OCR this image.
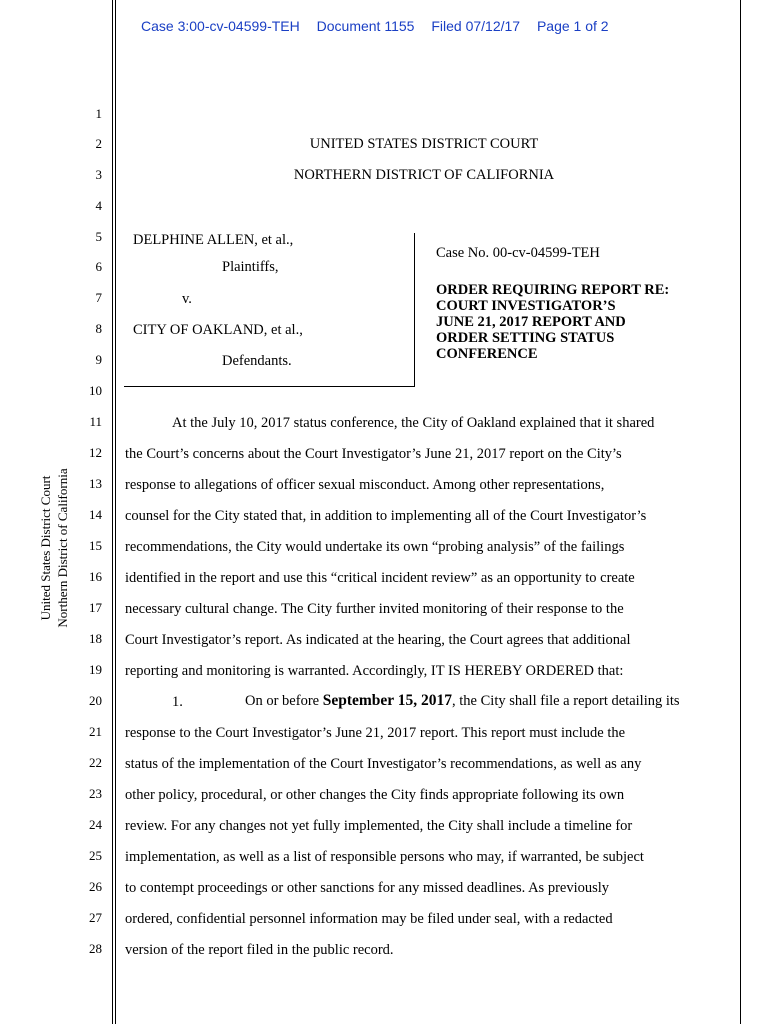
Case 3:00-cv-04599-TEH Document 1155 Filed 07/12/17 Page 1 of 2
United States District Court Northern District of California
1
2
3
4
5
6
7
8
9
10
11
12
13
14
15
16
17
18
19
20
21
22
23
24
25
26
27
28
UNITED STATES DISTRICT COURT
NORTHERN DISTRICT OF CALIFORNIA
DELPHINE ALLEN, et al.,
Plaintiffs,
v.
CITY OF OAKLAND, et al.,
Defendants.
Case No. 00-cv-04599-TEH
ORDER REQUIRING REPORT RE:
COURT INVESTIGATOR’S
JUNE 21, 2017 REPORT AND
ORDER SETTING STATUS
CONFERENCE
At the July 10, 2017 status conference, the City of Oakland explained that it shared
the Court’s concerns about the Court Investigator’s June 21, 2017 report on the City’s
response to allegations of officer sexual misconduct. Among other representations,
counsel for the City stated that, in addition to implementing all of the Court Investigator’s
recommendations, the City would undertake its own “probing analysis” of the failings
identified in the report and use this “critical incident review” as an opportunity to create
necessary cultural change. The City further invited monitoring of their response to the
Court Investigator’s report. As indicated at the hearing, the Court agrees that additional
reporting and monitoring is warranted. Accordingly, IT IS HEREBY ORDERED that:
1.	On or before September 15, 2017, the City shall file a report detailing its
response to the Court Investigator’s June 21, 2017 report. This report must include the
status of the implementation of the Court Investigator’s recommendations, as well as any
other policy, procedural, or other changes the City finds appropriate following its own
review. For any changes not yet fully implemented, the City shall include a timeline for
implementation, as well as a list of responsible persons who may, if warranted, be subject
to contempt proceedings or other sanctions for any missed deadlines. As previously
ordered, confidential personnel information may be filed under seal, with a redacted
version of the report filed in the public record.
